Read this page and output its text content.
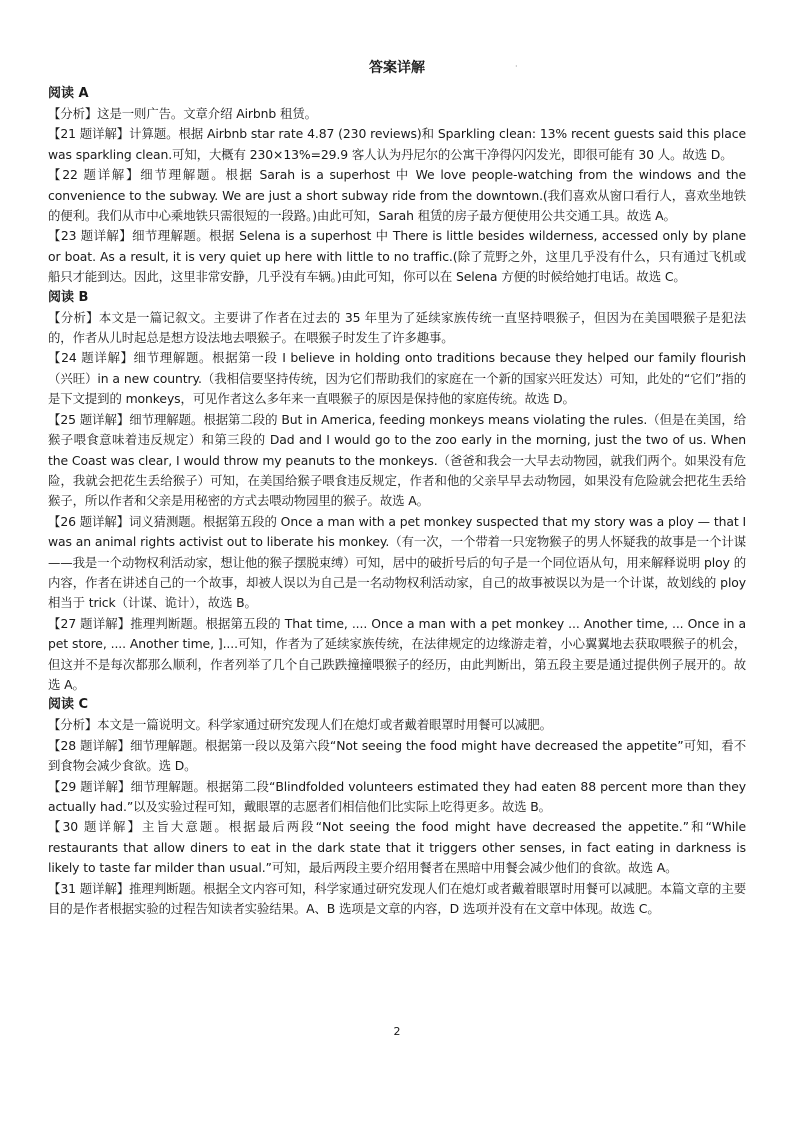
·
答案详解
阅读 A

【分析】这是一则广告。文章介绍 Airbnb 租赁。

【21 题详解】计算题。根据 Airbnb star rate 4.87 (230 reviews)和 Sparkling clean: 13% recent guests said this place was sparkling clean.可知，大概有 230×13%=29.9 客人认为丹尼尔的公寓干净得闪闪发光，即很可能有 30 人。故选 D。

【22 题详解】细节理解题。根据 Sarah is a superhost 中 We love people-watching from the windows and the convenience to the subway. We are just a short subway ride from the downtown.(我们喜欢从窗口看行人，喜欢坐地铁的便利。我们从市中心乘地铁只需很短的一段路。)由此可知，Sarah 租赁的房子最方便使用公共交通工具。故选 A。

【23 题详解】细节理解题。根据 Selena is a superhost 中 There is little besides wilderness, accessed only by plane or boat. As a result, it is very quiet up here with little to no traffic.(除了荒野之外，这里几乎没有什么，只有通过飞机或船只才能到达。因此，这里非常安静，几乎没有车辆。)由此可知，你可以在 Selena 方便的时候给她打电话。故选 C。

阅读 B

【分析】本文是一篇记叙文。主要讲了作者在过去的 35 年里为了延续家族传统一直坚持喂猴子，但因为在美国喂猴子是犯法的，作者从儿时起总是想方设法地去喂猴子。在喂猴子时发生了许多趣事。

【24 题详解】细节理解题。根据第一段 I believe in holding onto traditions because they helped our family flourish（兴旺）in a new country.（我相信要坚持传统，因为它们帮助我们的家庭在一个新的国家兴旺发达）可知，此处的“它们”指的是下文提到的 monkeys，可见作者这么多年来一直喂猴子的原因是保持他的家庭传统。故选 D。

【25 题详解】细节理解题。根据第二段的 But in America, feeding monkeys means violating the rules.（但是在美国，给猴子喂食意味着违反规定）和第三段的 Dad and I would go to the zoo early in the morning, just the two of us. When the Coast was clear, I would throw my peanuts to the monkeys.（爸爸和我会一大早去动物园，就我们两个。如果没有危险，我就会把花生丢给猴子）可知，在美国给猴子喂食违反规定，作者和他的父亲早早去动物园，如果没有危险就会把花生丢给猴子，所以作者和父亲是用秘密的方式去喂动物园里的猴子。故选 A。

【26 题详解】词义猜测题。根据第五段的 Once a man with a pet monkey suspected that my story was a ploy — that I was an animal rights activist out to liberate his monkey.（有一次，一个带着一只宠物猴子的男人怀疑我的故事是一个计谋——我是一个动物权利活动家，想让他的猴子摆脱束缚）可知，居中的破折号后的句子是一个同位语从句，用来解释说明 ploy 的内容，作者在讲述自己的一个故事，却被人误以为自己是一名动物权利活动家，自己的故事被误以为是一个计谋，故划线的 ploy 相当于 trick（计谋、诡计），故选 B。

【27 题详解】推理判断题。根据第五段的 That time, .... Once a man with a pet monkey ... Another time, ... Once in a pet store, .... Another time, ]....可知，作者为了延续家族传统，在法律规定的边缘游走着，小心翼翼地去获取喂猴子的机会，但这并不是每次都那么顺利，作者列举了几个自己跌跌撞撞喂猴子的经历，由此判断出，第五段主要是通过提供例子展开的。故选 A。

阅读 C

【分析】本文是一篇说明文。科学家通过研究发现人们在熄灯或者戴着眼罩时用餐可以减肥。

【28 题详解】细节理解题。根据第一段以及第六段“Not seeing the food might have decreased the appetite”可知，看不到食物会减少食欲。选 D。

【29 题详解】细节理解题。根据第二段“Blindfolded volunteers estimated they had eaten 88 percent more than they actually had.”以及实验过程可知，戴眼罩的志愿者们相信他们比实际上吃得更多。故选 B。

【30 题详解】主旨大意题。根据最后两段“Not seeing the food might have decreased the appetite.”和“While restaurants that allow diners to eat in the dark state that it triggers other senses, in fact eating in darkness is likely to taste far milder than usual.”可知，最后两段主要介绍用餐者在黑暗中用餐会减少他们的食欲。故选 A。

【31 题详解】推理判断题。根据全文内容可知，科学家通过研究发现人们在熄灯或者戴着眼罩时用餐可以减肥。本篇文章的主要目的是作者根据实验的过程告知读者实验结果。A、B 选项是文章的内容，D 选项并没有在文章中体现。故选 C。

2
